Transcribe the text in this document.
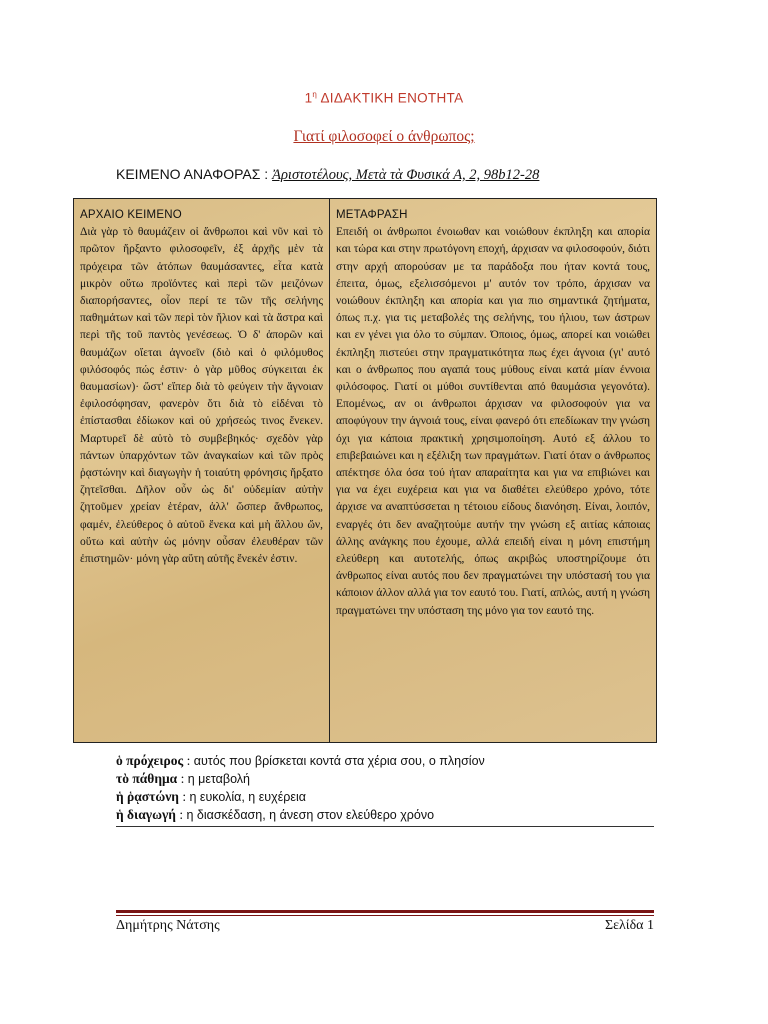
$1^\eta$ ΔΙΔΑΚΤΙΚΗ ΕΝΟΤΗΤΑ
Γιατί φιλοσοφεί ο άνθρωπος;
ΚΕΙΜΕΝΟ ΑΝΑΦΟΡΑΣ : Ἀριστοτέλους, Μετὰ τὰ Φυσικά Α, 2, 98b12-28
ΑΡΧΑΙΟ ΚΕΙΜΕΝΟ

Διὰ γὰρ τὸ θαυμάζειν οἱ ἄνθρωποι καὶ νῦν καὶ τὸ πρῶτον ἤρξαντο φιλοσοφεῖν, ἐξ ἀρχῆς μὲν τὰ πρόχειρα τῶν ἀτόπων θαυμάσαντες, εἶτα κατὰ μικρὸν οὕτω προϊόντες καὶ περὶ τῶν μειζόνων διαπορήσαντες, οἷον περί τε τῶν τῆς σελήνης παθημάτων καὶ τῶν περὶ τὸν ἥλιον καὶ τὰ ἄστρα καὶ περὶ τῆς τοῦ παντὸς γενέσεως. Ὁ δ' ἀπορῶν καὶ θαυμάζων οἴεται ἀγνοεῖν (διὸ καὶ ὁ φιλόμυθος φιλόσοφός πώς ἐστιν· ὁ γὰρ μῦθος σύγκειται ἐκ θαυμασίων)· ὥστ' εἴπερ διὰ τὸ φεύγειν τὴν ἄγνοιαν ἐφιλοσόφησαν, φανερὸν ὅτι διὰ τὸ εἰδέναι τὸ ἐπίστασθαι ἐδίωκον καὶ οὐ χρήσεώς τινος ἕνεκεν. Μαρτυρεῖ δὲ αὐτὸ τὸ συμβεβηκός· σχεδὸν γὰρ πάντων ὑπαρχόντων τῶν ἀναγκαίων καὶ τῶν πρὸς ῥᾳστώνην καὶ διαγωγὴν ἡ τοιαύτη φρόνησις ἤρξατο ζητεῖσθαι. Δῆλον οὖν ὡς δι' οὐδεμίαν αὐτὴν ζητοῦμεν χρείαν ἑτέραν, ἀλλ' ὥσπερ ἄνθρωπος, φαμέν, ἐλεύθερος ὁ αὑτοῦ ἕνεκα καὶ μὴ ἄλλου ὤν, οὕτω καὶ αὐτὴν ὡς μόνην οὖσαν ἐλευθέραν τῶν ἐπιστημῶν· μόνη γὰρ αὕτη αὑτῆς ἕνεκέν ἐστιν.

ΜΕΤΑΦΡΑΣΗ

Επειδή οι άνθρωποι ένοιωθαν και νοιώθουν έκπληξη και απορία και τώρα και στην πρωτόγονη εποχή, άρχισαν να φιλοσοφούν, διότι στην αρχή απορούσαν με τα παράδοξα που ήταν κοντά τους, έπειτα, όμως, εξελισσόμενοι μ' αυτόν τον τρόπο, άρχισαν να νοιώθουν έκπληξη και απορία και για πιο σημαντικά ζητήματα, όπως π.χ. για τις μεταβολές της σελήνης, του ήλιου, των άστρων και εν γένει για όλο το σύμπαν. Όποιος, όμως, απορεί και νοιώθει έκπληξη πιστεύει στην πραγματικότητα πως έχει άγνοια (γι' αυτό και ο άνθρωπος που αγαπά τους μύθους είναι κατά μίαν έννοια φιλόσοφος. Γιατί οι μύθοι συντίθενται από θαυμάσια γεγονότα). Επομένως, αν οι άνθρωποι άρχισαν να φιλοσοφούν για να αποφύγουν την άγνοιά τους, είναι φανερό ότι επεδίωκαν την γνώση όχι για κάποια πρακτική χρησιμοποίηση. Αυτό εξ άλλου το επιβεβαιώνει και η εξέλιξη των πραγμάτων. Γιατί όταν ο άνθρωπος απέκτησε όλα όσα τού ήταν απαραίτητα και για να επιβιώνει και για να έχει ευχέρεια και για να διαθέτει ελεύθερο χρόνο, τότε άρχισε να αναπτύσσεται η τέτοιου είδους διανόηση. Είναι, λοιπόν, εναργές ότι δεν αναζητούμε αυτήν την γνώση εξ αιτίας κάποιας άλλης ανάγκης που έχουμε, αλλά επειδή είναι η μόνη επιστήμη ελεύθερη και αυτοτελής, όπως ακριβώς υποστηρίζουμε ότι άνθρωπος είναι αυτός που δεν πραγματώνει την υπόστασή του για κάποιον άλλον αλλά για τον εαυτό του. Γιατί, απλώς, αυτή η γνώση πραγματώνει την υπόσταση της μόνο για τον εαυτό της.

ὁ πρόχειρος : αυτός που βρίσκεται κοντά στα χέρια σου, ο πλησίον
τὸ πάθημα : η μεταβολή
ἡ ῥᾳστώνη : η ευκολία, η ευχέρεια
ἡ διαγωγή : η διασκέδαση, η άνεση στον ελεύθερο χρόνο
Δημήτρης Νάτσης	Σελίδα 1
